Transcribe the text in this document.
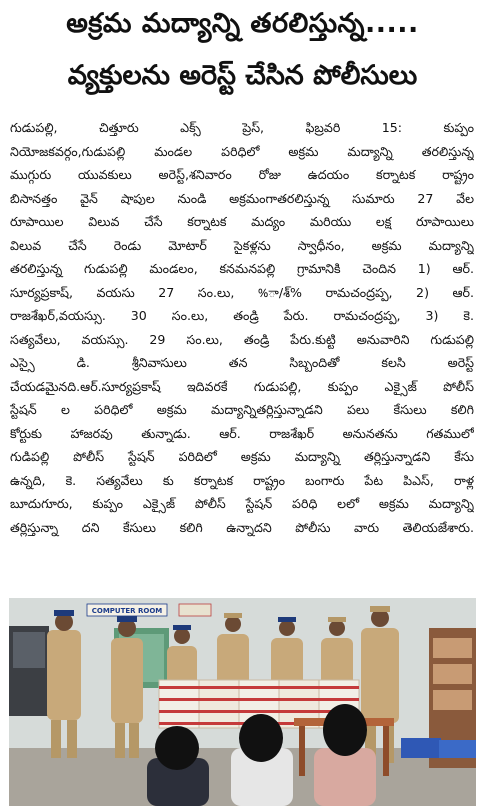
అక్రమ మద్యాన్ని తరలిస్తున్న.....
వ్యక్తులను అరెస్ట్ చేసిన పోలీసులు
గుడుపల్లి, చిత్తూరు ఎక్స్ ప్రెస్, ఫిబ్రవరి 15: కుప్పం
నియోజకవర్గం,గుడుపల్లి మండల పరిధిలో అక్రమ మద్యాన్ని తరలిస్తున్న
ముగ్గురు యువకులు అరెస్ట్,శనివారం రోజు ఉదయం కర్నాటక రాష్ట్రం
బిసానత్తం వైన్ షాపుల నుండి అక్రమంగాతరలిస్తున్న సుమారు 27 వేల
రూపాయిల విలువ చేసే కర్నాటక మద్యం మరియు లక్ష రూపాయిలు
విలువ చేసే రెండు మోటార్ సైకళ్లను స్వాధీనం, అక్రమ మద్యాన్ని
తరలిస్తున్న గుడుపల్లి మండలం, కనమనపల్లి గ్రామానికి చెందిన 1) ఆర్.
సూర్యప్రకాష్, వయసు 27 సం.లు, %ా/శ్% రామచంద్రప్ప, 2) ఆర్.
రాజశేఖర్,వయస్సు. 30 సం.లు, తండ్రి పేరు. రామచంద్రప్ప, 3) కె.
సత్యవేలు, వయస్సు. 29 సం.లు, తండ్రి పేరు.కుట్టి అనువారిని గుడుపల్లి
ఎస్సై డి. శ్రీనివాసులు తన సిబ్బందితో కలసి అరెస్ట్
చేయడమైనది.ఆర్.సూర్యప్రకాష్ ఇదివరకే గుడుపల్లి, కుప్పం ఎక్సైజ్ పోలీస్
స్టేషన్ ల పరిధిలో అక్రమ మద్యాన్నితర్లిస్తున్నాడని పలు కేసులు కలిగి
కోర్టుకు హాజరవు తున్నాడు. ఆర్. రాజశేఖర్ అనునతను గతములో
గుడిపల్లి పోలీస్ స్టేషన్ పరిదిలో అక్రమ మద్యాన్ని తర్లిస్తున్నాడని కేసు
ఉన్నది, కె. సత్యవేలు కు కర్నాటక రాష్ట్రం బంగారు పేట పిఎస్, రాళ్ల
బూదుగూరు, కుప్పం ఎక్సైజ్ పోలీస్ స్టేషన్ పరిధి లలో అక్రమ మద్యాన్ని
తర్లిస్తున్నా దని కేసులు కలిగి ఉన్నాదని పోలీసు వారు తెలియజేశారు.
COMPUTER ROOM
